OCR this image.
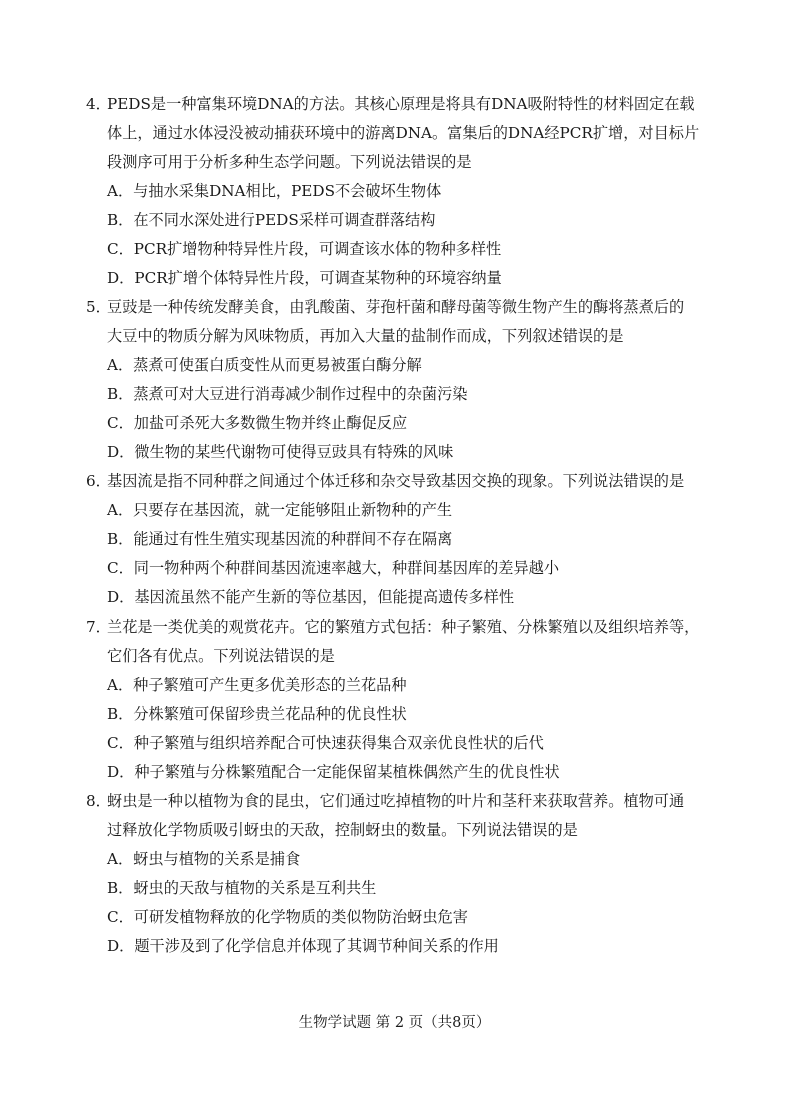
4．
PEDS是一种富集环境DNA的方法。其核心原理是将具有DNA吸附特性的材料固定在载
体上，通过水体浸没被动捕获环境中的游离DNA。富集后的DNA经PCR扩增，对目标片
段测序可用于分析多种生态学问题。下列说法错误的是
A．与抽水采集DNA相比，PEDS不会破坏生物体
B．在不同水深处进行PEDS采样可调查群落结构
C．PCR扩增物种特异性片段，可调查该水体的物种多样性
D．PCR扩增个体特异性片段，可调查某物种的环境容纳量
5．
豆豉是一种传统发酵美食，由乳酸菌、芽孢杆菌和酵母菌等微生物产生的酶将蒸煮后的
大豆中的物质分解为风味物质，再加入大量的盐制作而成，下列叙述错误的是
A．蒸煮可使蛋白质变性从而更易被蛋白酶分解
B．蒸煮可对大豆进行消毒减少制作过程中的杂菌污染
C．加盐可杀死大多数微生物并终止酶促反应
D．微生物的某些代谢物可使得豆豉具有特殊的风味
6．
基因流是指不同种群之间通过个体迁移和杂交导致基因交换的现象。下列说法错误的是
A．只要存在基因流，就一定能够阻止新物种的产生
B．能通过有性生殖实现基因流的种群间不存在隔离
C．同一物种两个种群间基因流速率越大，种群间基因库的差异越小
D．基因流虽然不能产生新的等位基因，但能提高遗传多样性
7．
兰花是一类优美的观赏花卉。它的繁殖方式包括：种子繁殖、分株繁殖以及组织培养等，
它们各有优点。下列说法错误的是
A．种子繁殖可产生更多优美形态的兰花品种
B．分株繁殖可保留珍贵兰花品种的优良性状
C．种子繁殖与组织培养配合可快速获得集合双亲优良性状的后代
D．种子繁殖与分株繁殖配合一定能保留某植株偶然产生的优良性状
8．
蚜虫是一种以植物为食的昆虫，它们通过吃掉植物的叶片和茎秆来获取营养。植物可通
过释放化学物质吸引蚜虫的天敌，控制蚜虫的数量。下列说法错误的是
A．蚜虫与植物的关系是捕食
B．蚜虫的天敌与植物的关系是互利共生
C．可研发植物释放的化学物质的类似物防治蚜虫危害
D．题干涉及到了化学信息并体现了其调节种间关系的作用
生物学试题 第 2 页（共8页）
